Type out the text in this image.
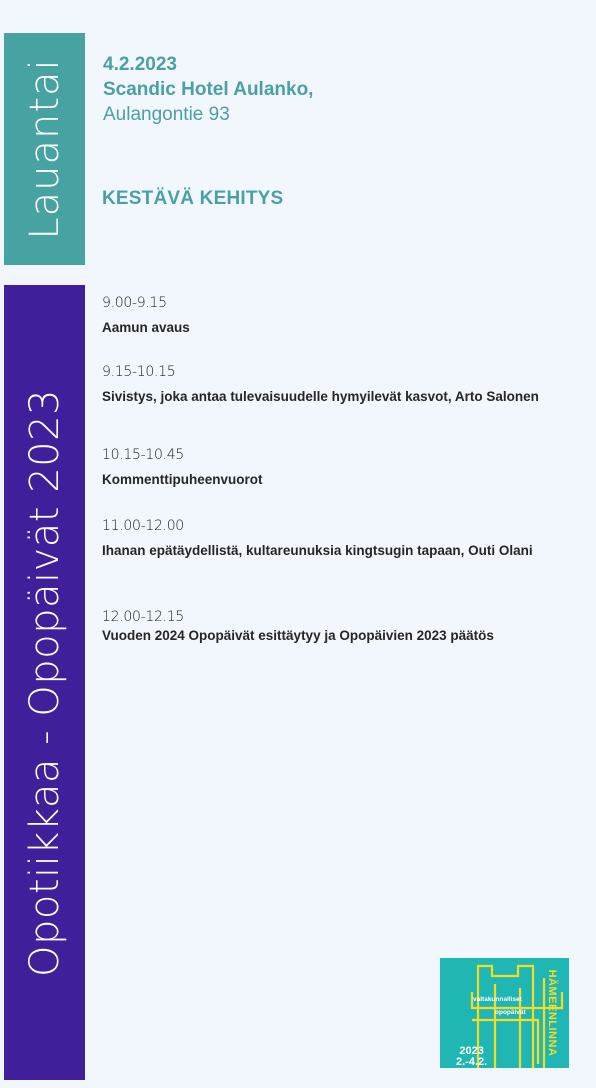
Lauantai
Opotiikkaa - Opopäivät 2023
4.2.2023
Scandic Hotel Aulanko,
Aulangontie 93
KESTÄVÄ KEHITYS
9.00-9.15
Aamun avaus
9.15-10.15
Sivistys, joka antaa tulevaisuudelle hymyilevät kasvot, Arto Salonen
10.15-10.45
Kommenttipuheenvuorot
11.00-12.00
Ihanan epätäydellistä, kultareunuksia kingtsugin tapaan, Outi Olani
12.00-12.15
Vuoden 2024 Opopäivät esittäytyy ja Opopäivien 2023 päätös
valtakunnalliset
opopäivät HÄMEENLINNA
2023
2.-4.2.
